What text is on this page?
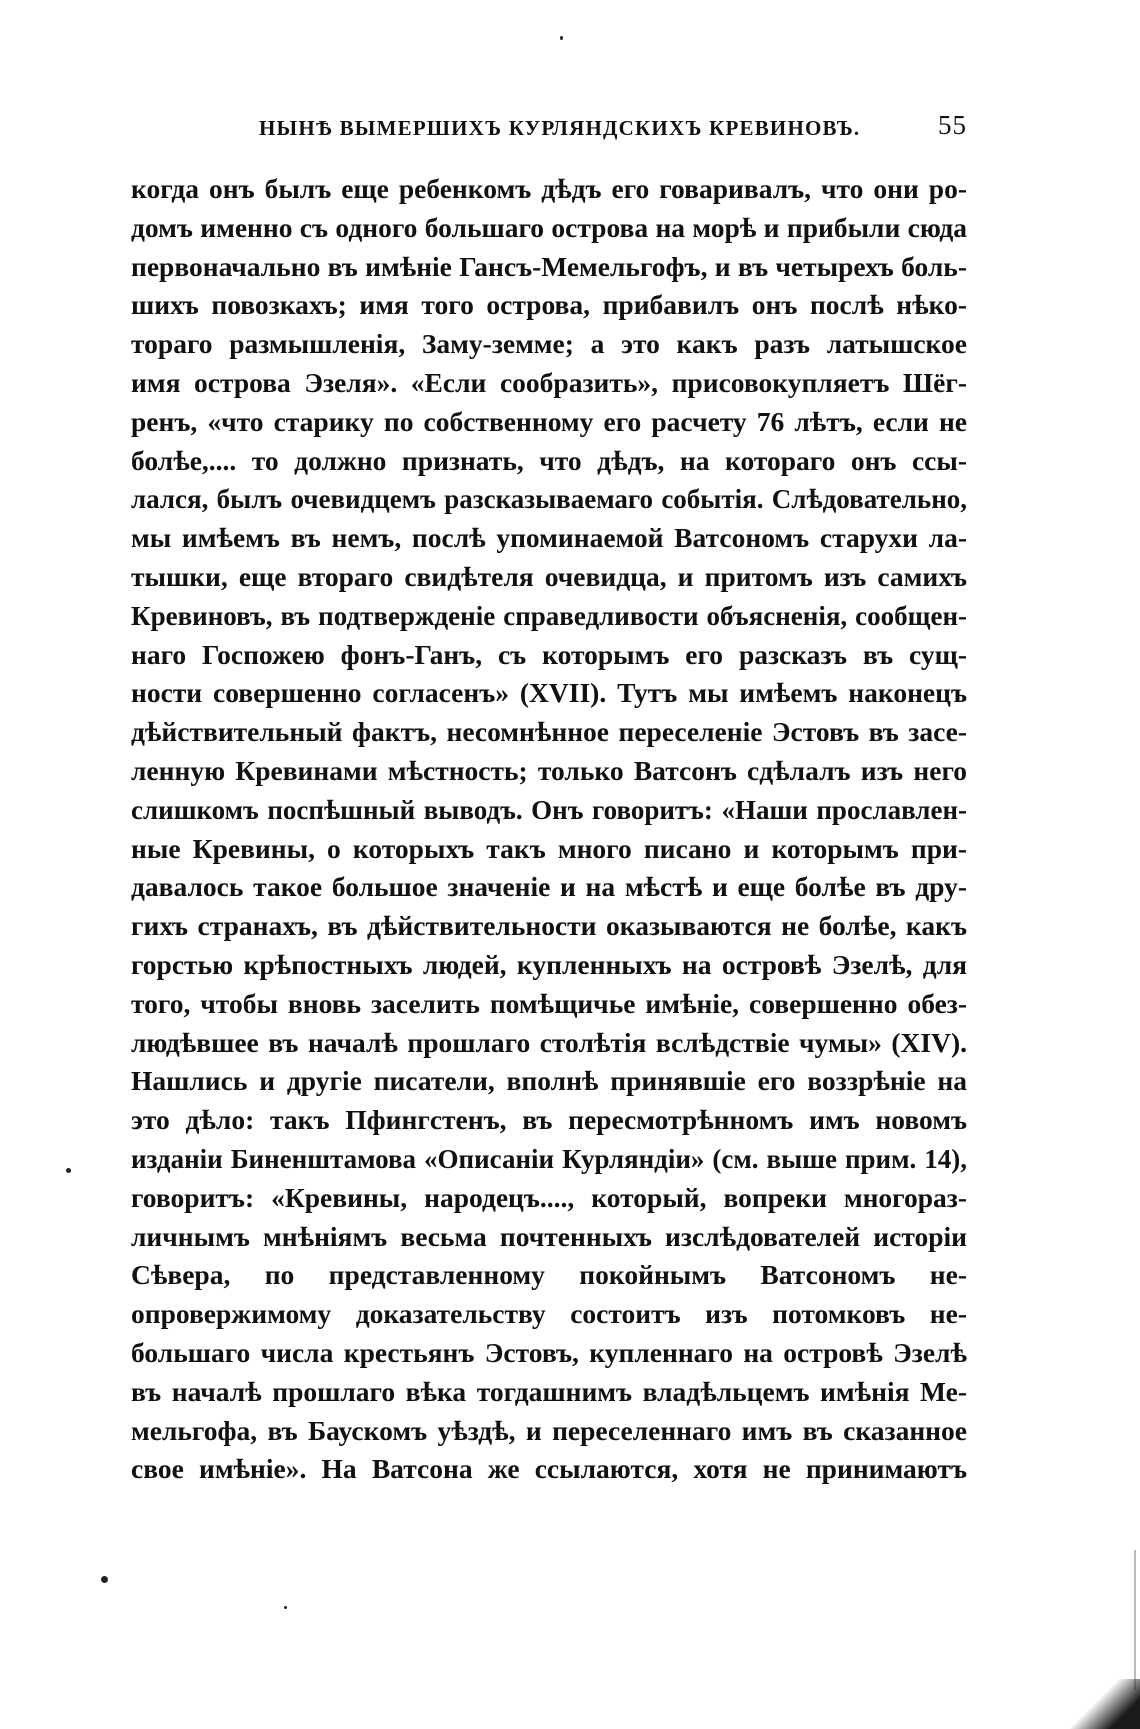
НЫНѢ ВЫМЕРШИХЪ КУРЛЯНДСКИХЪ КРЕВИНОВЪ.	55
когда онъ былъ еще ребенкомъ дѣдъ его говаривалъ, что они ро-
домъ именно съ одного большаго острова на морѣ и прибыли сюда
первоначально въ имѣніе Гансъ-Мемельгофъ, и въ четырехъ боль-
шихъ повозкахъ; имя того острова, прибавилъ онъ послѣ нѣко-
тораго размышленія, Заму-земме; а это какъ разъ латышское
имя острова Эзеля». «Если сообразить», присовокупляетъ Шёг-
ренъ, «что старику по собственному его расчету 76 лѣтъ, если не
болѣе,.... то должно признать, что дѣдъ, на котораго онъ ссы-
лался, былъ очевидцемъ разсказываемаго событія. Слѣдовательно,
мы имѣемъ въ немъ, послѣ упоминаемой Ватсономъ старухи ла-
тышки, еще втораго свидѣтеля очевидца, и притомъ изъ самихъ
Кревиновъ, въ подтвержденіе справедливости объясненія, сообщен-
наго Госпожею фонъ-Ганъ, съ которымъ его разсказъ въ сущ-
ности совершенно согласенъ» (XVII). Тутъ мы имѣемъ наконецъ
дѣйствительный фактъ, несомнѣнное переселеніе Эстовъ въ засе-
ленную Кревинами мѣстность; только Ватсонъ сдѣлалъ изъ него
слишкомъ поспѣшный выводъ. Онъ говоритъ: «Наши прославлен-
ные Кревины, о которыхъ такъ много писано и которымъ при-
давалось такое большое значеніе и на мѣстѣ и еще болѣе въ дру-
гихъ странахъ, въ дѣйствительности оказываются не болѣе, какъ
горстью крѣпостныхъ людей, купленныхъ на островѣ Эзелѣ, для
того, чтобы вновь заселить помѣщичье имѣніе, совершенно обез-
людѣвшее въ началѣ прошлаго столѣтія вслѣдствіе чумы» (XIV).
Нашлись и другіе писатели, вполнѣ принявшіе его воззрѣніе на
это дѣло: такъ Пфингстенъ, въ пересмотрѣнномъ имъ новомъ
изданіи Биненштамова «Описаніи Курляндіи» (см. выше прим. 14),
говоритъ: «Кревины, народецъ...., который, вопреки многораз-
личнымъ мнѣніямъ весьма почтенныхъ изслѣдователей исторіи
Сѣвера, по представленному покойнымъ Ватсономъ не-
опровержимому доказательству состоитъ изъ потомковъ не-
большаго числа крестьянъ Эстовъ, купленнаго на островѣ Эзелѣ
въ началѣ прошлаго вѣка тогдашнимъ владѣльцемъ имѣнія Ме-
мельгофа, въ Баускомъ уѣздѣ, и переселеннаго имъ въ сказанное
свое имѣніе». На Ватсона же ссылаются, хотя не принимаютъ
